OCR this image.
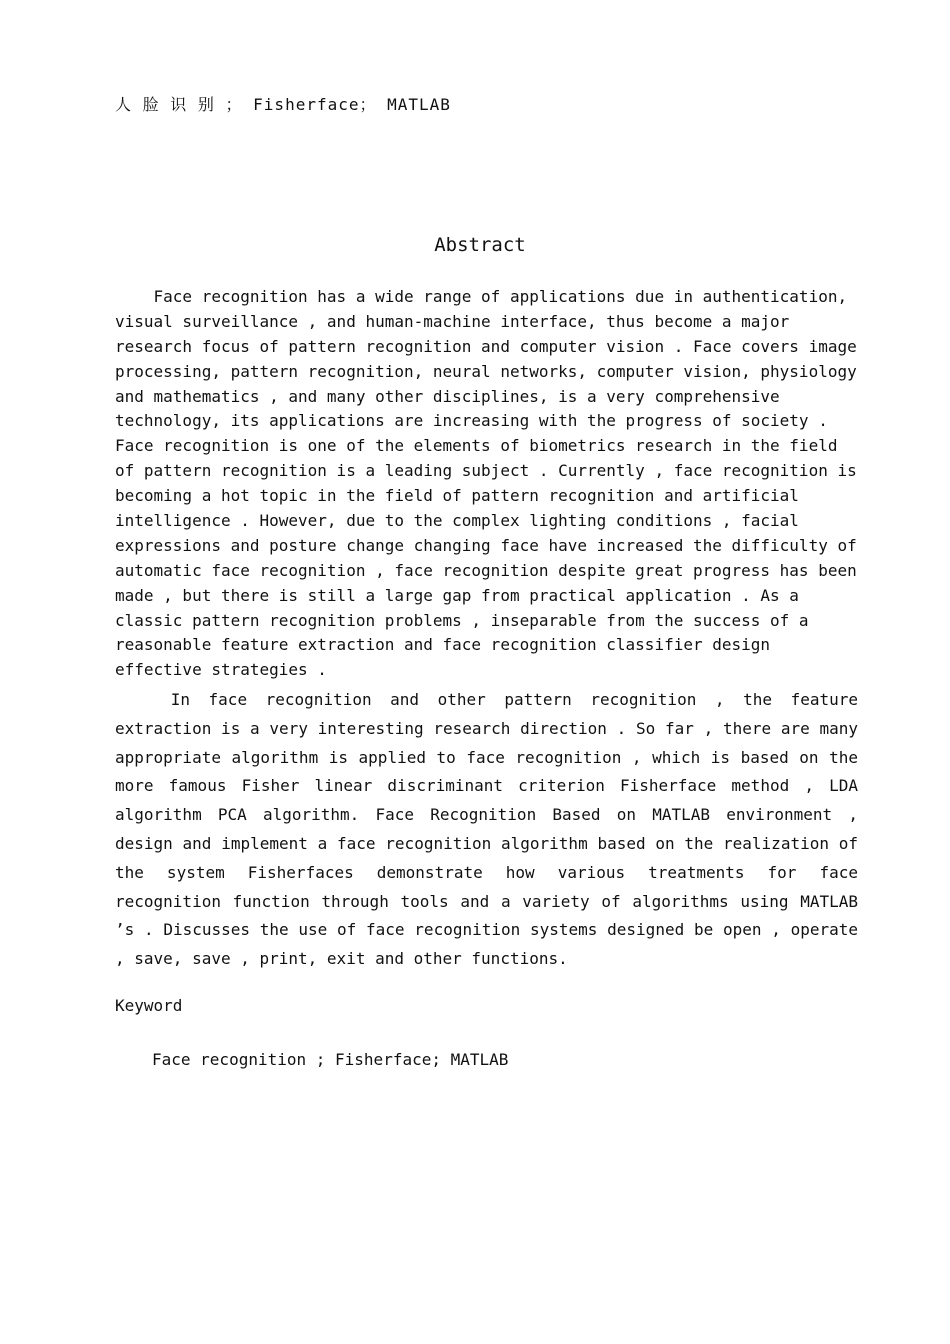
人 脸 识 别 ； Fisherface； MATLAB
Abstract
Face recognition has a wide range of applications due in authentication,
visual surveillance , and human-machine interface, thus become a major
research focus of pattern recognition and computer vision . Face covers image
processing, pattern recognition, neural networks, computer vision, physiology
and mathematics , and many other disciplines, is a very comprehensive
technology, its applications are increasing with the progress of society .
Face recognition is one of the elements of biometrics research in the field
of pattern recognition is a leading subject . Currently , face recognition is
becoming a hot topic in the field of pattern recognition and artificial
intelligence . However, due to the complex lighting conditions , facial
expressions and posture change changing face have increased the difficulty of
automatic face recognition , face recognition despite great progress has been
made , but there is still a large gap from practical application . As a
classic pattern recognition problems , inseparable from the success of a
reasonable feature extraction and face recognition classifier design
effective strategies .
In face recognition and other pattern recognition , the feature
extraction is a very interesting research direction . So far , there are many
appropriate algorithm is applied to face recognition , which is based on the
more famous Fisher linear discriminant criterion Fisherface method , LDA
algorithm PCA algorithm. Face Recognition Based on MATLAB environment ,
design and implement a face recognition algorithm based on the realization of
the system Fisherfaces demonstrate how various treatments for face
recognition function through tools and a variety of algorithms using MATLAB
’s . Discusses the use of face recognition systems designed be open , operate
, save, save , print, exit and other functions.
Keyword
Face recognition ; Fisherface; MATLAB
